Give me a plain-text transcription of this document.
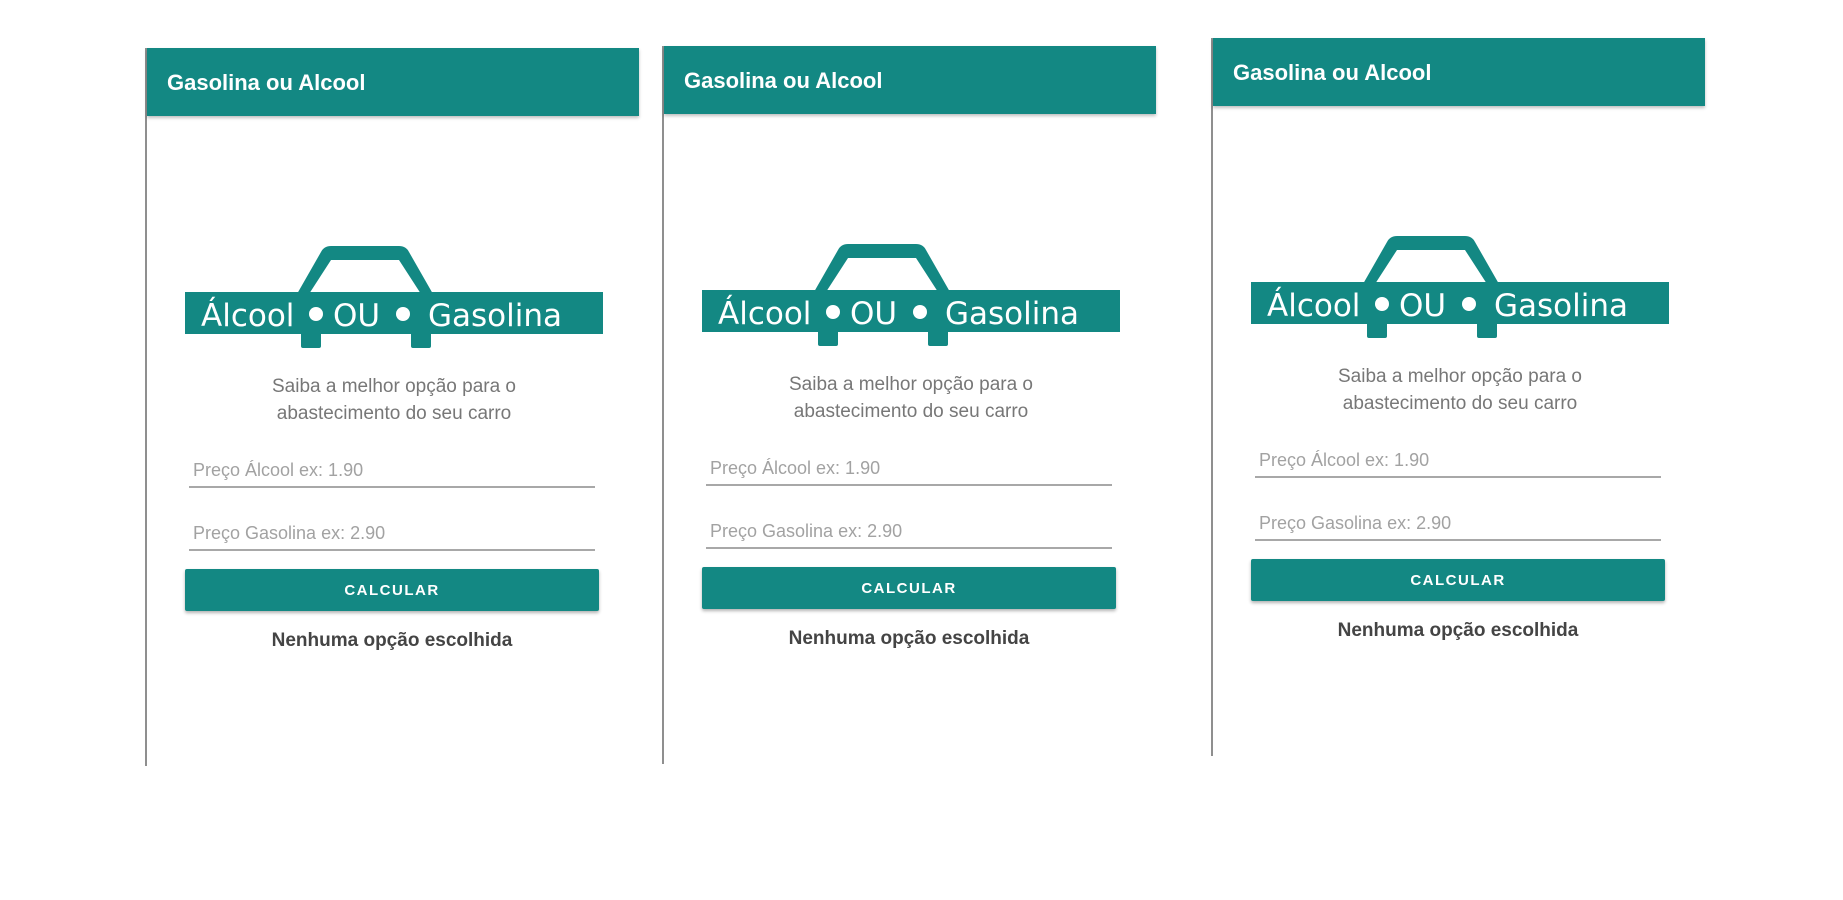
Gasolina ou Alcool
Álcool OU Gasolina
Saiba a melhor opção para o
abastecimento do seu carro
Preço Álcool ex: 1.90
Preço Gasolina ex: 2.90
CALCULAR
Nenhuma opção escolhida
Gasolina ou Alcool
Álcool OU Gasolina
Saiba a melhor opção para o
abastecimento do seu carro
Preço Álcool ex: 1.90
Preço Gasolina ex: 2.90
CALCULAR
Nenhuma opção escolhida
Gasolina ou Alcool
Álcool OU Gasolina
Saiba a melhor opção para o
abastecimento do seu carro
Preço Álcool ex: 1.90
Preço Gasolina ex: 2.90
CALCULAR
Nenhuma opção escolhida
